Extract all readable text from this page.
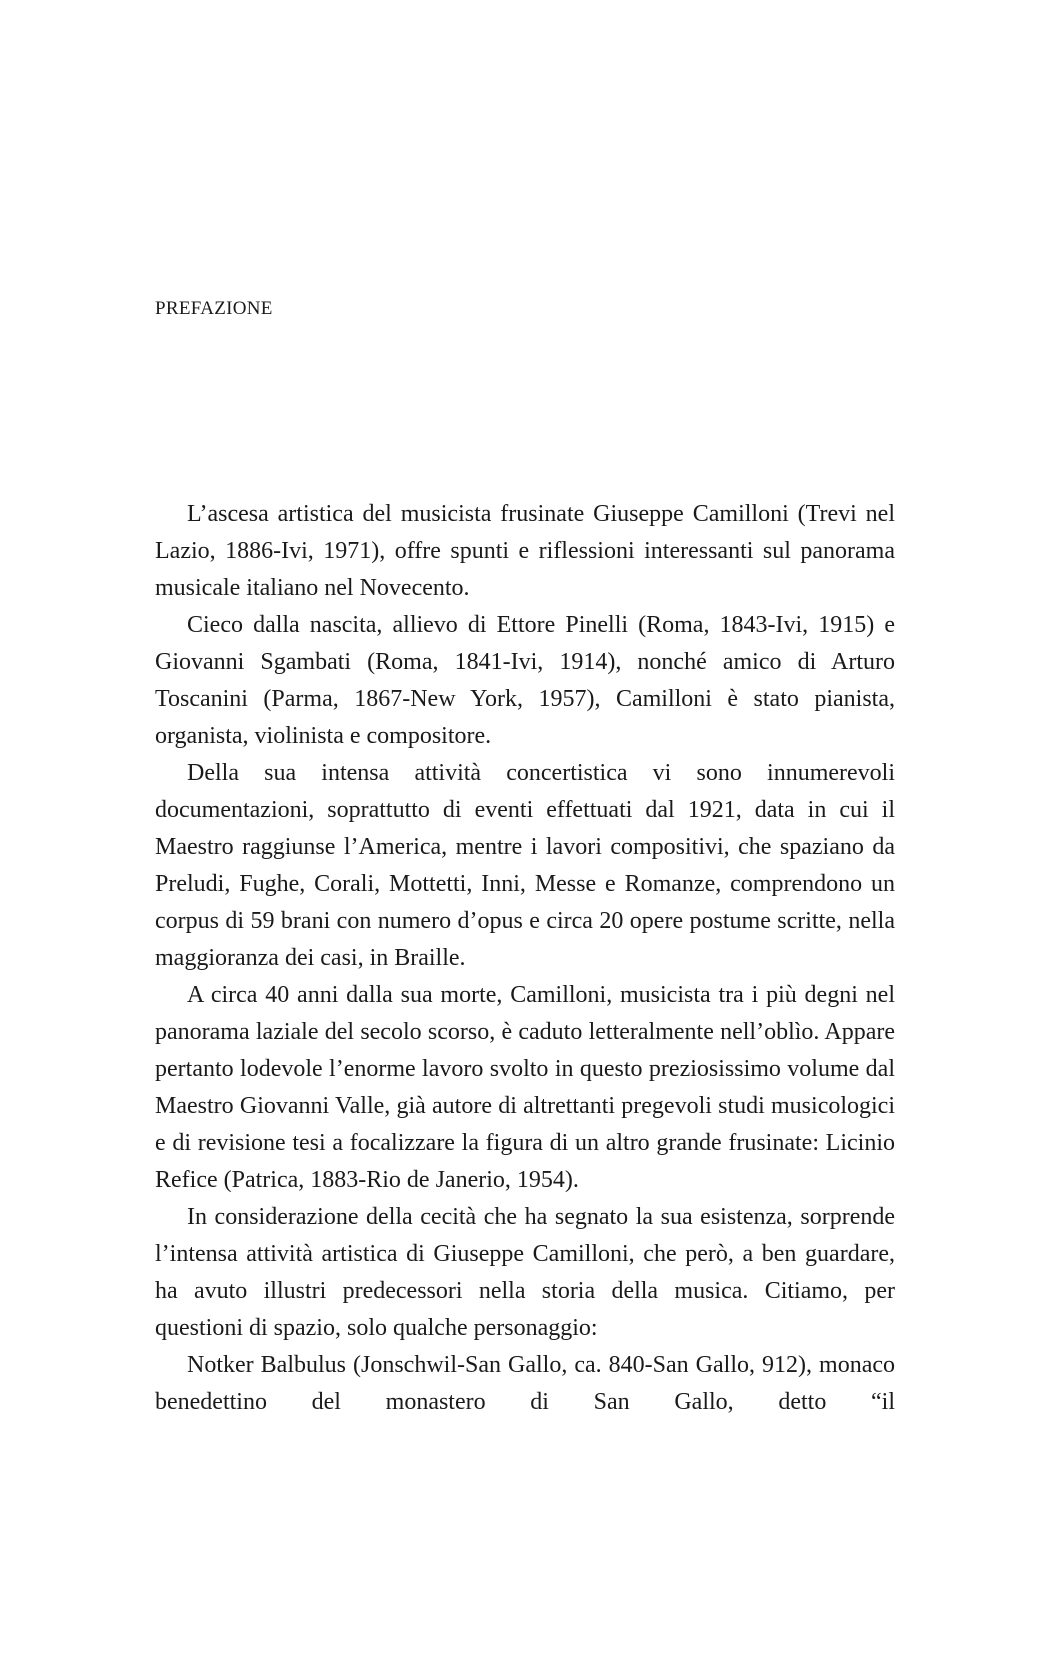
PREFAZIONE

L’ascesa artistica del musicista frusinate Giuseppe Camilloni (Trevi nel Lazio, 1886-Ivi, 1971), offre spunti e riflessioni interessanti sul panorama musicale italiano nel Novecento.

Cieco dalla nascita, allievo di Ettore Pinelli (Roma, 1843-Ivi, 1915) e Giovanni Sgambati (Roma, 1841-Ivi, 1914), nonché amico di Arturo Toscanini (Parma, 1867-New York, 1957), Camilloni è stato pianista, organista, violinista e compositore.

Della sua intensa attività concertistica vi sono innumerevoli documentazioni, soprattutto di eventi effettuati dal 1921, data in cui il Maestro raggiunse l’America, mentre i lavori compositivi, che spaziano da Preludi, Fughe, Corali, Mottetti, Inni, Messe e Romanze, comprendono un corpus di 59 brani con numero d’opus e circa 20 opere postume scritte, nella maggioranza dei casi, in Braille.

A circa 40 anni dalla sua morte, Camilloni, musicista tra i più degni nel panorama laziale del secolo scorso, è caduto letteralmente nell’oblìo. Appare pertanto lodevole l’enorme lavoro svolto in questo preziosissimo volume dal Maestro Giovanni Valle, già autore di altrettanti pregevoli studi musicologici e di revisione tesi a focalizzare la figura di un altro grande frusinate: Licinio Refice (Patrica, 1883-Rio de Janerio, 1954).

In considerazione della cecità che ha segnato la sua esistenza, sorprende l’intensa attività artistica di Giuseppe Camilloni, che però, a ben guardare, ha avuto illustri predecessori nella storia della musica. Citiamo, per questioni di spazio, solo qualche personaggio:

Notker Balbulus (Jonschwil-San Gallo, ca. 840-San Gallo, 912), monaco benedettino del monastero di San Gallo, detto “il
